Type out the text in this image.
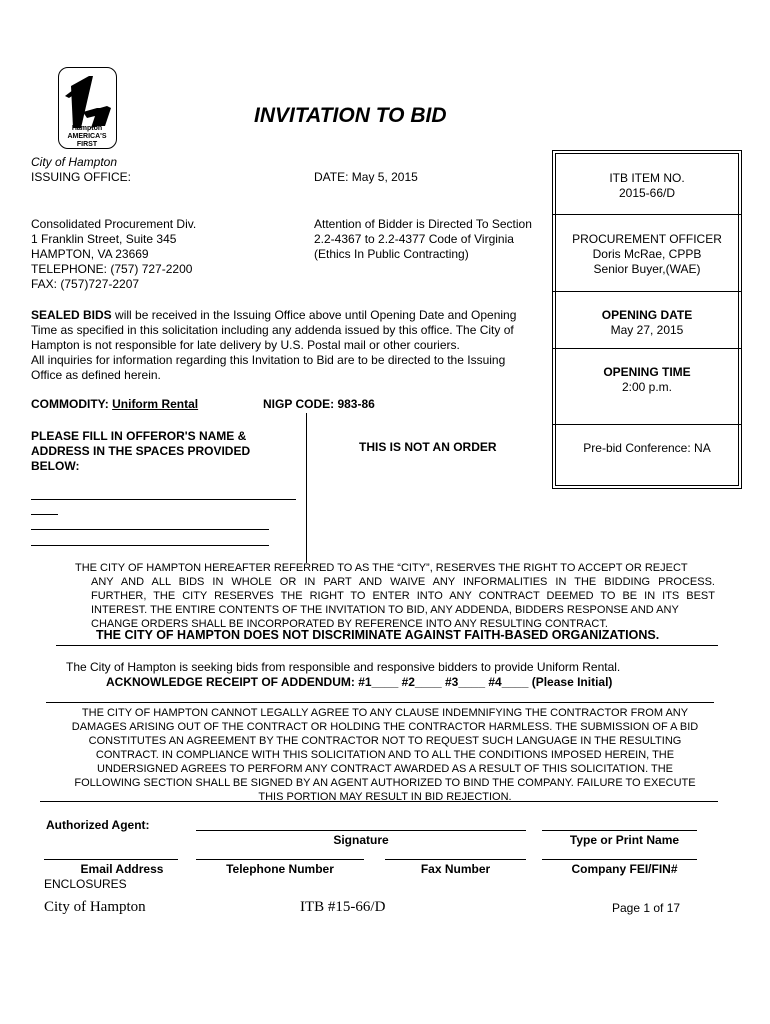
Hampton AMERICA'S FIRST
INVITATION TO BID
City of Hampton
ISSUING OFFICE:	DATE: May 5, 2015
Consolidated Procurement Div.
1 Franklin Street, Suite 345
HAMPTON, VA 23669
TELEPHONE: (757) 727-2200
FAX: (757)727-2207
Attention of Bidder is Directed To Section
2.2-4367 to 2.2-4377 Code of Virginia
(Ethics In Public Contracting)
ITB ITEM NO.
2015-66/D
PROCUREMENT OFFICER
Doris McRae, CPPB
Senior Buyer,(WAE)
OPENING DATE
May 27, 2015
OPENING TIME
2:00 p.m.
Pre-bid Conference: NA
SEALED BIDS will be received in the Issuing Office above until Opening Date and Opening
Time as specified in this solicitation including any addenda issued by this office. The City of
Hampton is not responsible for late delivery by U.S. Postal mail or other couriers.
All inquiries for information regarding this Invitation to Bid are to be directed to the Issuing
Office as defined herein.
COMMODITY: Uniform Rental	NIGP CODE: 983-86
PLEASE FILL IN OFFEROR'S NAME &
ADDRESS IN THE SPACES PROVIDED
BELOW:
THIS IS NOT AN ORDER
THE CITY OF HAMPTON HEREAFTER REFERRED TO AS THE “CITY”, RESERVES THE RIGHT TO ACCEPT OR REJECT
ANY AND ALL BIDS IN WHOLE OR IN PART AND WAIVE ANY INFORMALITIES IN THE BIDDING PROCESS.
FURTHER, THE CITY RESERVES THE RIGHT TO ENTER INTO ANY CONTRACT DEEMED TO BE IN ITS BEST
INTEREST. THE ENTIRE CONTENTS OF THE INVITATION TO BID, ANY ADDENDA, BIDDERS RESPONSE AND ANY
CHANGE ORDERS SHALL BE INCORPORATED BY REFERENCE INTO ANY RESULTING CONTRACT.
THE CITY OF HAMPTON DOES NOT DISCRIMINATE AGAINST FAITH-BASED ORGANIZATIONS.
The City of Hampton is seeking bids from responsible and responsive bidders to provide Uniform Rental.
ACKNOWLEDGE RECEIPT OF ADDENDUM: #1____ #2____ #3____ #4____ (Please Initial)
THE CITY OF HAMPTON CANNOT LEGALLY AGREE TO ANY CLAUSE INDEMNIFYING THE CONTRACTOR FROM ANY
DAMAGES ARISING OUT OF THE CONTRACT OR HOLDING THE CONTRACTOR HARMLESS. THE SUBMISSION OF A BID
CONSTITUTES AN AGREEMENT BY THE CONTRACTOR NOT TO REQUEST SUCH LANGUAGE IN THE RESULTING
CONTRACT. IN COMPLIANCE WITH THIS SOLICITATION AND TO ALL THE CONDITIONS IMPOSED HEREIN, THE
UNDERSIGNED AGREES TO PERFORM ANY CONTRACT AWARDED AS A RESULT OF THIS SOLICITATION. THE
FOLLOWING SECTION SHALL BE SIGNED BY AN AGENT AUTHORIZED TO BIND THE COMPANY. FAILURE TO EXECUTE
THIS PORTION MAY RESULT IN BID REJECTION.
Authorized Agent:
Signature	Type or Print Name
Email Address	Telephone Number	Fax Number	Company FEI/FIN#
ENCLOSURES
City of Hampton	ITB #15-66/D	Page 1 of 17
